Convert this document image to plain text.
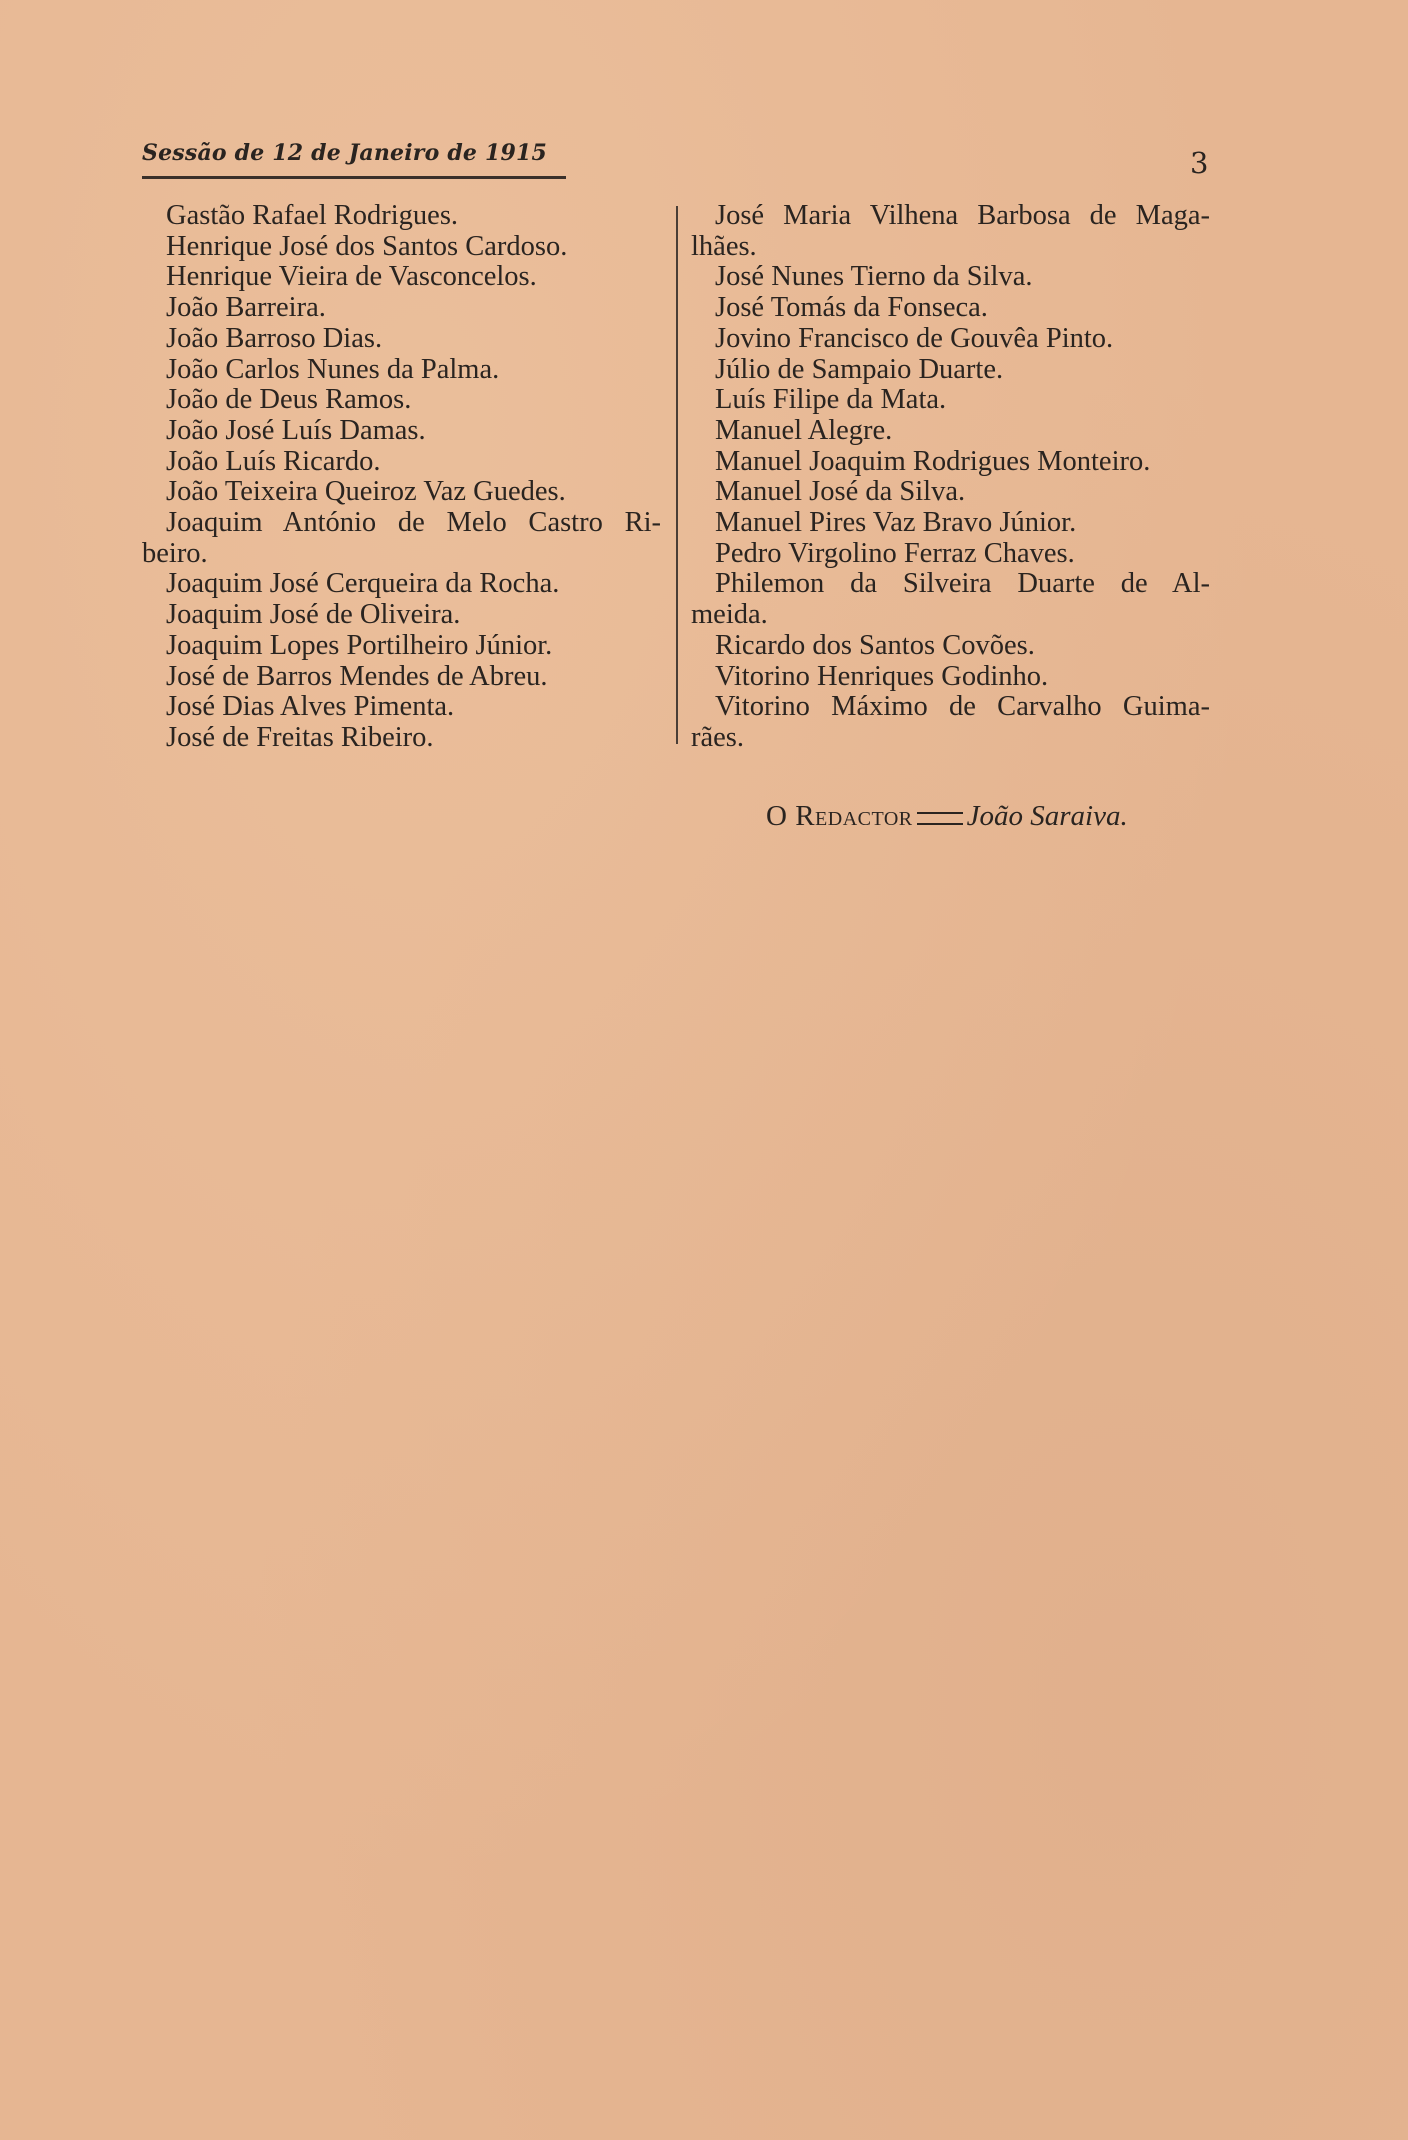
Sessão de 12 de Janeiro de 1915	3
Gastão Rafael Rodrigues.
Henrique José dos Santos Cardoso.
Henrique Vieira de Vasconcelos.
João Barreira.
João Barroso Dias.
João Carlos Nunes da Palma.
João de Deus Ramos.
João José Luís Damas.
João Luís Ricardo.
João Teixeira Queiroz Vaz Guedes.
Joaquim António de Melo Castro Ri-
beiro.
Joaquim José Cerqueira da Rocha.
Joaquim José de Oliveira.
Joaquim Lopes Portilheiro Júnior.
José de Barros Mendes de Abreu.
José Dias Alves Pimenta.
José de Freitas Ribeiro.
José Maria Vilhena Barbosa de Maga-
lhães.
José Nunes Tierno da Silva.
José Tomás da Fonseca.
Jovino Francisco de Gouvêa Pinto.
Júlio de Sampaio Duarte.
Luís Filipe da Mata.
Manuel Alegre.
Manuel Joaquim Rodrigues Monteiro.
Manuel José da Silva.
Manuel Pires Vaz Bravo Júnior.
Pedro Virgolino Ferraz Chaves.
Philemon da Silveira Duarte de Al-
meida.
Ricardo dos Santos Covões.
Vitorino Henriques Godinho.
Vitorino Máximo de Carvalho Guima-
rães.
O Redactor João Saraiva.
